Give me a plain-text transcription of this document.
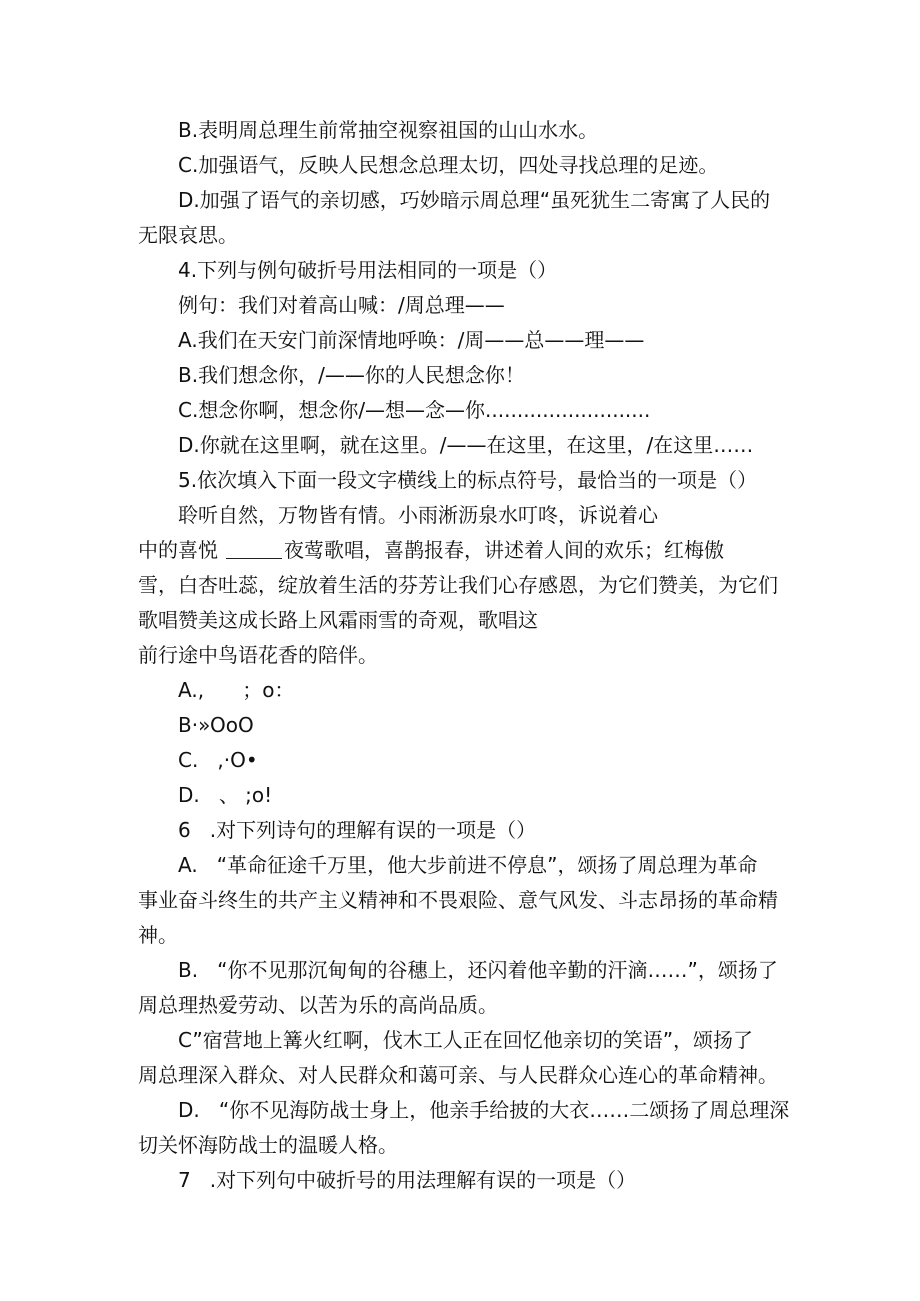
B.表明周总理生前常抽空视察祖国的山山水水。
C.加强语气，反映人民想念总理太切，四处寻找总理的足迹。
D.加强了语气的亲切感，巧妙暗示周总理“虽死犹生二寄寓了人民的
无限哀思。
4.下列与例句破折号用法相同的一项是（）
例句：我们对着高山喊：/周总理——
A.我们在天安门前深情地呼唤：/周——总——理——
B.我们想念你，/——你的人民想念你！
C.想念你啊，想念你/—想—念—你..........................
D.你就在这里啊，就在这里。/——在这里，在这里，/在这里……
5.依次填入下面一段文字横线上的标点符号，最恰当的一项是（）
聆听自然，万物皆有情。小雨淅沥泉水叮咚，诉说着心
中的喜悦	夜莺歌唱，喜鹊报春，讲述着人间的欢乐；红梅傲
雪，白杏吐蕊，绽放着生活的芬芳让我们心存感恩，为它们赞美，为它们
歌唱赞美这成长路上风霜雨雪的奇观，歌唱这
前行途中鸟语花香的陪伴。
A.,      ；o：
B·»OoO
C.   ,·O•
D.   、 ;o!
6   .对下列诗句的理解有误的一项是（）
A.   “革命征途千万里，他大步前进不停息”，颂扬了周总理为革命
事业奋斗终生的共产主义精神和不畏艰险、意气风发、斗志昂扬的革命精
神。
B.   “你不见那沉甸甸的谷穗上，还闪着他辛勤的汗滴……”，颂扬了
周总理热爱劳动、以苦为乐的高尚品质。
C”宿营地上篝火红啊，伐木工人正在回忆他亲切的笑语”，颂扬了
周总理深入群众、对人民群众和蔼可亲、与人民群众心连心的革命精神。
D.   “你不见海防战士身上，他亲手给披的大衣……二颂扬了周总理深
切关怀海防战士的温暖人格。
7   .对下列句中破折号的用法理解有误的一项是（）
